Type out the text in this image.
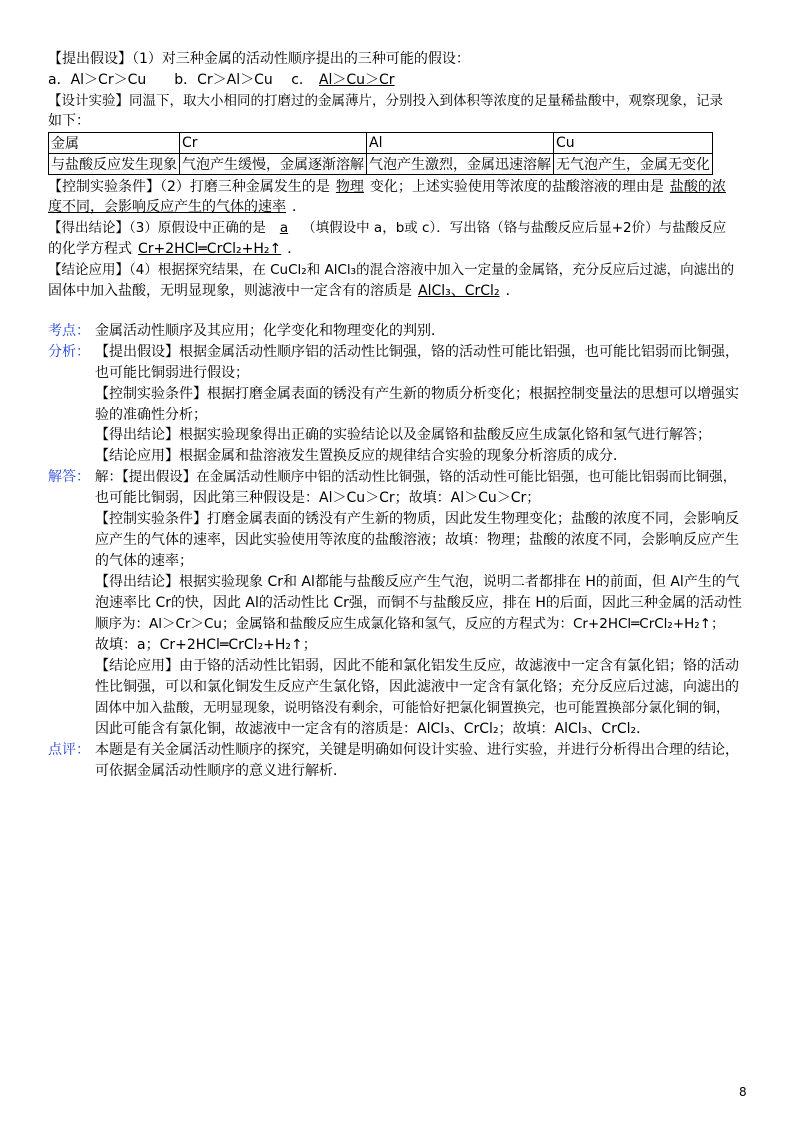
【提出假设】（1）对三种金属的活动性顺序提出的三种可能的假设：
a．Al＞Cr＞Cu　　b．Cr＞Al＞Cu　 c． Al＞Cu＞Cr
【设计实验】同温下，取大小相同的打磨过的金属薄片，分别投入到体积等浓度的足量稀盐酸中，观察现象，记录
如下：
金属	Cr	Al	Cu
与盐酸反应发生现象	气泡产生缓慢，金属逐渐溶解	气泡产生激烈，金属迅速溶解	无气泡产生，金属无变化
【控制实验条件】（2）打磨三种金属发生的是 物理 变化；上述实验使用等浓度的盐酸溶液的理由是 盐酸的浓
度不同，会影响反应产生的气体的速率 ．
【得出结论】（3）原假设中正确的是 a （填假设中 a，b或 c）．写出铬（铬与盐酸反应后显+2价）与盐酸反应
的化学方程式 Cr+2HCl═CrCl₂+H₂↑ ．
【结论应用】（4）根据探究结果，在 CuCl₂和 AlCl₃的混合溶液中加入一定量的金属铬，充分反应后过滤，向滤出的
固体中加入盐酸，无明显现象，则滤液中一定含有的溶质是 AlCl₃、CrCl₂ ．
考点： 金属活动性顺序及其应用；化学变化和物理变化的判别．
分析： 【提出假设】根据金属活动性顺序铝的活动性比铜强，铬的活动性可能比铝强，也可能比铝弱而比铜强，
也可能比铜弱进行假设；
【控制实验条件】根据打磨金属表面的锈没有产生新的物质分析变化；根据控制变量法的思想可以增强实
验的准确性分析；
【得出结论】根据实验现象得出正确的实验结论以及金属铬和盐酸反应生成氯化铬和氢气进行解答；
【结论应用】根据金属和盐溶液发生置换反应的规律结合实验的现象分析溶质的成分．
解答： 解：【提出假设】在金属活动性顺序中铝的活动性比铜强，铬的活动性可能比铝强，也可能比铝弱而比铜强，
也可能比铜弱，因此第三种假设是：Al＞Cu＞Cr；故填：Al＞Cu＞Cr；
【控制实验条件】打磨金属表面的锈没有产生新的物质，因此发生物理变化；盐酸的浓度不同，会影响反
应产生的气体的速率，因此实验使用等浓度的盐酸溶液；故填：物理；盐酸的浓度不同，会影响反应产生
的气体的速率；
【得出结论】根据实验现象 Cr和 Al都能与盐酸反应产生气泡，说明二者都排在 H的前面，但 Al产生的气
泡速率比 Cr的快，因此 Al的活动性比 Cr强，而铜不与盐酸反应，排在 H的后面，因此三种金属的活动性
顺序为：Al＞Cr＞Cu；金属铬和盐酸反应生成氯化铬和氢气，反应的方程式为：Cr+2HCl═CrCl₂+H₂↑；
故填：a；Cr+2HCl═CrCl₂+H₂↑；
【结论应用】由于铬的活动性比铝弱，因此不能和氯化铝发生反应，故滤液中一定含有氯化铝；铬的活动
性比铜强，可以和氯化铜发生反应产生氯化铬，因此滤液中一定含有氯化铬；充分反应后过滤，向滤出的
固体中加入盐酸，无明显现象，说明铬没有剩余，可能恰好把氯化铜置换完，也可能置换部分氯化铜的铜，
因此可能含有氯化铜，故滤液中一定含有的溶质是：AlCl₃、CrCl₂；故填：AlCl₃、CrCl₂．
点评： 本题是有关金属活动性顺序的探究，关键是明确如何设计实验、进行实验，并进行分析得出合理的结论，
可依据金属活动性顺序的意义进行解析．
8
